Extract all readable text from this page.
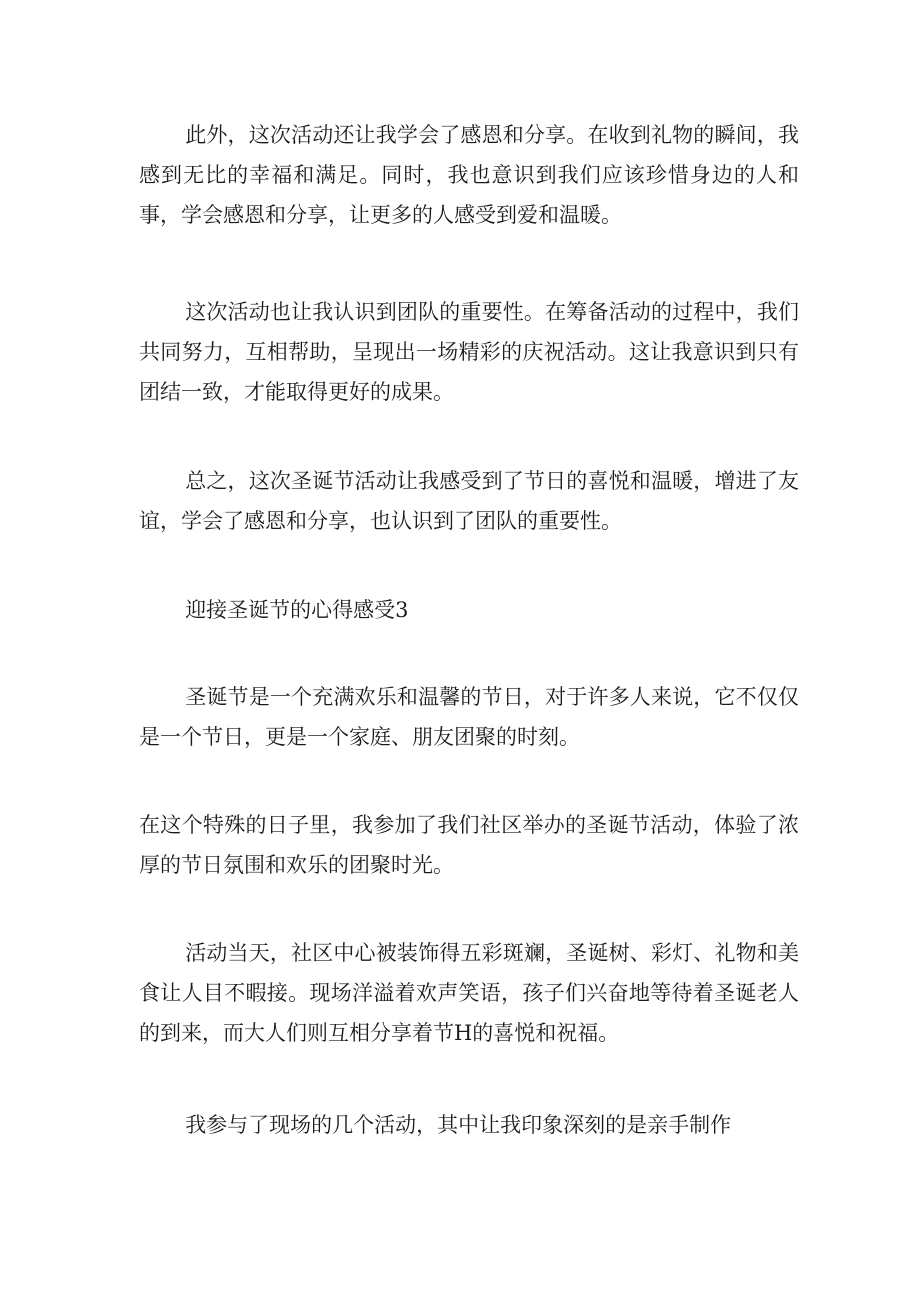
此外，这次活动还让我学会了感恩和分享。在收到礼物的瞬间，我感到无比的幸福和满足。同时，我也意识到我们应该珍惜身边的人和事，学会感恩和分享，让更多的人感受到爱和温暖。

这次活动也让我认识到团队的重要性。在筹备活动的过程中，我们共同努力，互相帮助，呈现出一场精彩的庆祝活动。这让我意识到只有团结一致，才能取得更好的成果。

总之，这次圣诞节活动让我感受到了节日的喜悦和温暖，增进了友谊，学会了感恩和分享，也认识到了团队的重要性。

迎接圣诞节的心得感受3

圣诞节是一个充满欢乐和温馨的节日，对于许多人来说，它不仅仅是一个节日，更是一个家庭、朋友团聚的时刻。

在这个特殊的日子里，我参加了我们社区举办的圣诞节活动，体验了浓厚的节日氛围和欢乐的团聚时光。

活动当天，社区中心被装饰得五彩斑斓，圣诞树、彩灯、礼物和美食让人目不暇接。现场洋溢着欢声笑语，孩子们兴奋地等待着圣诞老人的到来，而大人们则互相分享着节H的喜悦和祝福。

我参与了现场的几个活动，其中让我印象深刻的是亲手制作
